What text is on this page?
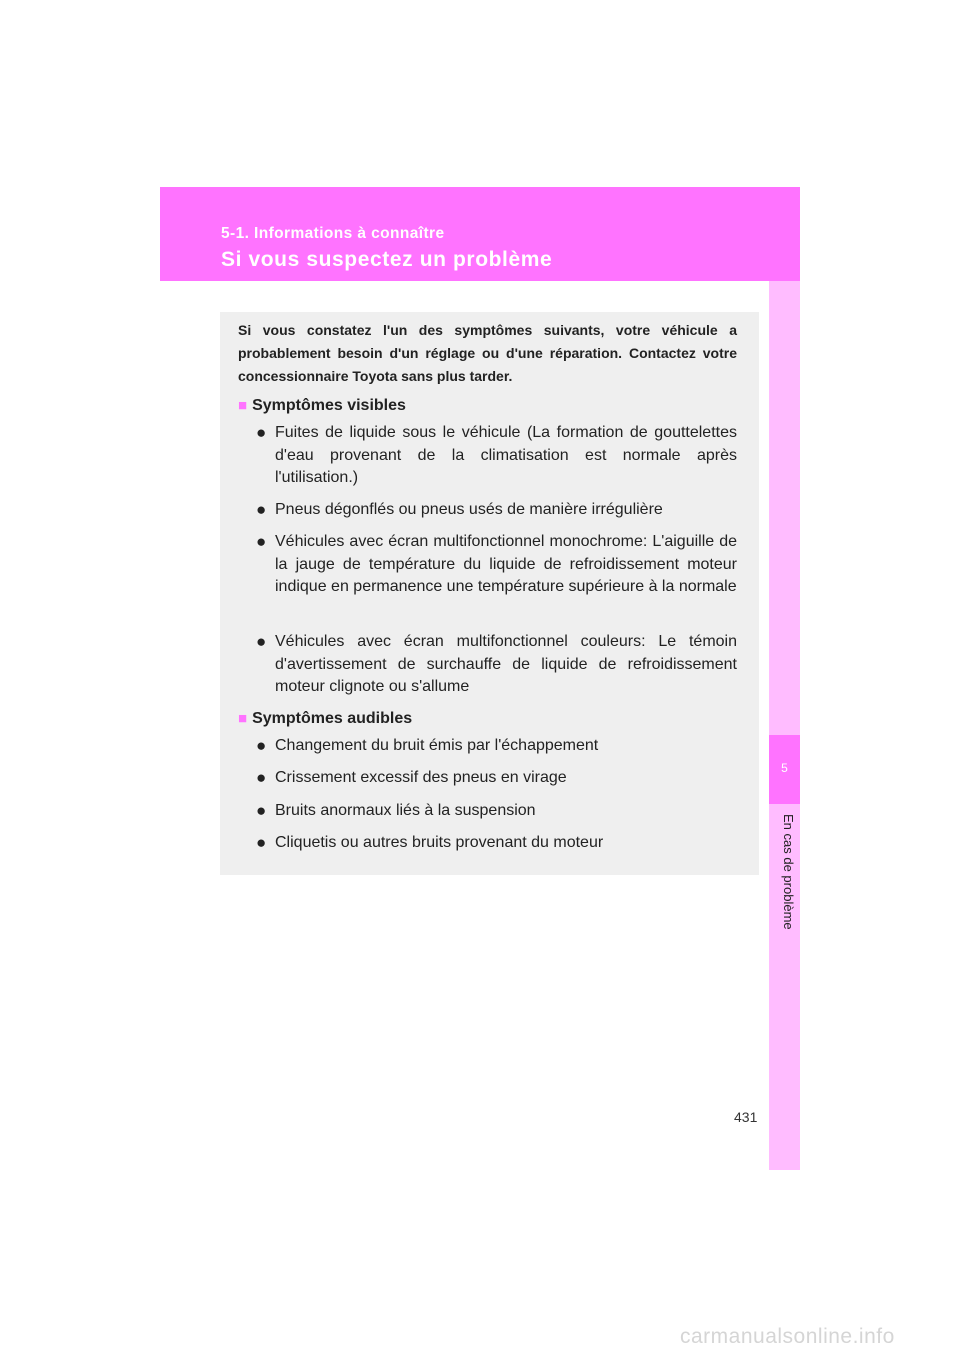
5-1. Informations à connaître
Si vous suspectez un problème
5
En cas de problème
Si vous constatez l'un des symptômes suivants, votre véhicule a probablement besoin d'un réglage ou d'une réparation. Contactez votre concessionnaire Toyota sans plus tarder.
■ Symptômes visibles
● Fuites de liquide sous le véhicule (La formation de gouttelettes d'eau provenant de la climatisation est normale après l'utilisation.)
● Pneus dégonflés ou pneus usés de manière irrégulière
● Véhicules avec écran multifonctionnel monochrome: L'aiguille de la jauge de température du liquide de refroidissement moteur indique en permanence une température supérieure à la normale
● Véhicules avec écran multifonctionnel couleurs: Le témoin d'avertissement de surchauffe de liquide de refroidissement moteur clignote ou s'allume
■ Symptômes audibles
● Changement du bruit émis par l'échappement
● Crissement excessif des pneus en virage
● Bruits anormaux liés à la suspension
● Cliquetis ou autres bruits provenant du moteur
431
carmanualsonline.info
